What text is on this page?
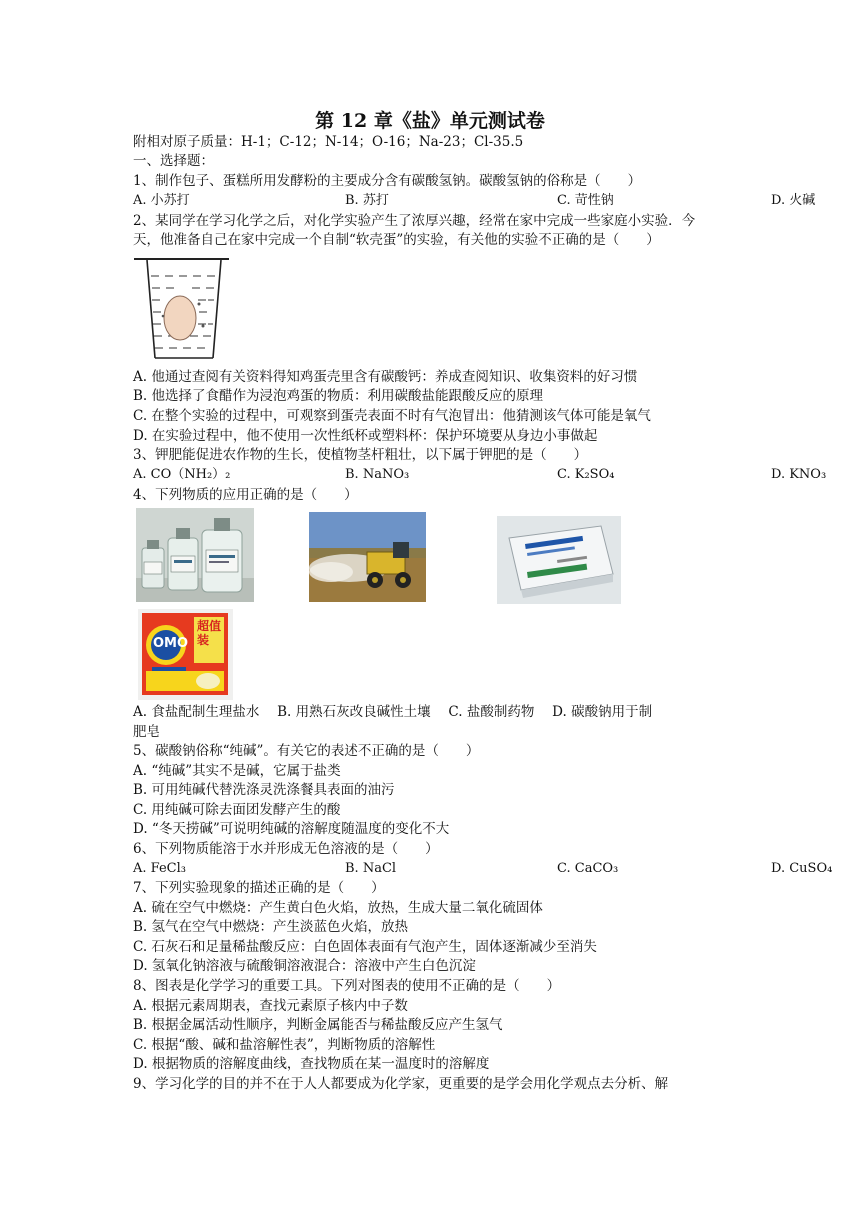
第 12 章《盐》单元测试卷
附相对原子质量：H-1；C-12；N-14；O-16；Na-23；Cl-35.5
一、选择题：
1、制作包子、蛋糕所用发酵粉的主要成分含有碳酸氢钠。碳酸氢钠的俗称是（　　）
A. 小苏打	B. 苏打	C. 苛性钠	D. 火碱
2、某同学在学习化学之后，对化学实验产生了浓厚兴趣，经常在家中完成一些家庭小实验．今
天，他准备自己在家中完成一个自制“软壳蛋”的实验，有关他的实验不正确的是（　　）
A. 他通过查阅有关资料得知鸡蛋壳里含有碳酸钙：养成查阅知识、收集资料的好习惯
B. 他选择了食醋作为浸泡鸡蛋的物质：利用碳酸盐能跟酸反应的原理
C. 在整个实验的过程中，可观察到蛋壳表面不时有气泡冒出：他猜测该气体可能是氧气
D. 在实验过程中，他不使用一次性纸杯或塑料杯：保护环境要从身边小事做起
3、钾肥能促进农作物的生长，使植物茎杆粗壮，以下属于钾肥的是（　　）
A. CO（NH₂）₂	B. NaNO₃	C. K₂SO₄	D. KNO₃
4、下列物质的应用正确的是（　　）
OMO
超值装
A. 食盐配制生理盐水　 B. 用熟石灰改良碱性土壤　 C. 盐酸制药物　 D. 碳酸钠用于制
肥皂
5、碳酸钠俗称“纯碱”。有关它的表述不正确的是（　　）
A. “纯碱”其实不是碱，它属于盐类
B. 可用纯碱代替洗涤灵洗涤餐具表面的油污
C. 用纯碱可除去面团发酵产生的酸
D. “冬天捞碱”可说明纯碱的溶解度随温度的变化不大
6、下列物质能溶于水并形成无色溶液的是（　　）
A. FeCl₃	B. NaCl	C. CaCO₃	D. CuSO₄
7、下列实验现象的描述正确的是（　　）
A. 硫在空气中燃烧：产生黄白色火焰，放热，生成大量二氧化硫固体
B. 氢气在空气中燃烧：产生淡蓝色火焰，放热
C. 石灰石和足量稀盐酸反应：白色固体表面有气泡产生，固体逐渐减少至消失
D. 氢氧化钠溶液与硫酸铜溶液混合：溶液中产生白色沉淀
8、图表是化学学习的重要工具。下列对图表的使用不正确的是（　　）
A. 根据元素周期表，查找元素原子核内中子数
B. 根据金属活动性顺序，判断金属能否与稀盐酸反应产生氢气
C. 根据“酸、碱和盐溶解性表”，判断物质的溶解性
D. 根据物质的溶解度曲线，查找物质在某一温度时的溶解度
9、学习化学的目的并不在于人人都要成为化学家，更重要的是学会用化学观点去分析、解
